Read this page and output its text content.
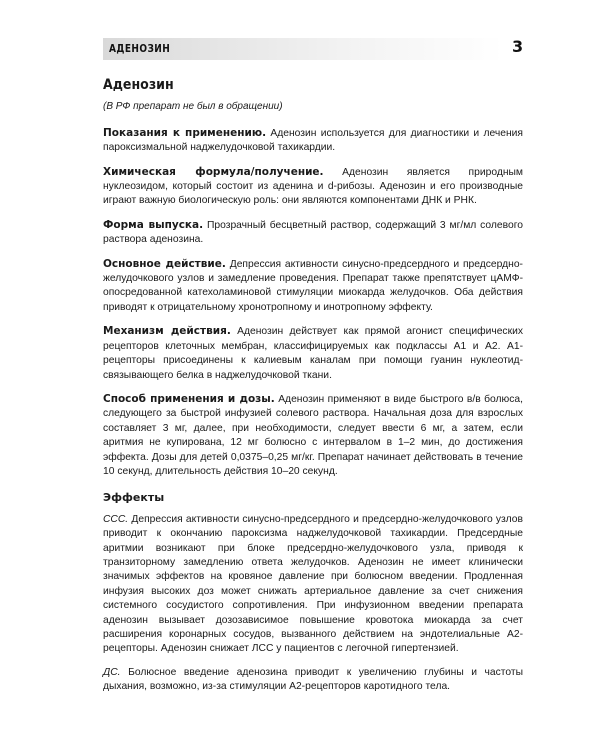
АДЕНОЗИН	3
Аденозин
(В РФ препарат не был в обращении)

Показания к применению. Аденозин используется для диагностики и лечения пароксизмальной наджелудочковой тахикардии.

Химическая формула/получение. Аденозин является природным нуклеозидом, который состоит из аденина и d-рибозы. Аденозин и его производные играют важную биологическую роль: они являются компонентами ДНК и РНК.

Форма выпуска. Прозрачный бесцветный раствор, содержащий 3 мг/мл солевого раствора аденозина.

Основное действие. Депрессия активности синусно-предсердного и предсердно-желудочкового узлов и замедление проведения. Препарат также препятствует цАМФ-опосредованной катехоламиновой стимуляции миокарда желудочков. Оба действия приводят к отрицательному хронотропному и инотропному эффекту.

Механизм действия. Аденозин действует как прямой агонист специфических рецепторов клеточных мембран, классифицируемых как подклассы А1 и А2. А1-рецепторы присоединены к калиевым каналам при помощи гуанин нуклеотид-связывающего белка в наджелудочковой ткани.

Способ применения и дозы. Аденозин применяют в виде быстрого в/в болюса, следующего за быстрой инфузией солевого раствора. Начальная доза для взрослых составляет 3 мг, далее, при необходимости, следует ввести 6 мг, а затем, если аритмия не купирована, 12 мг болюсно с интервалом в 1–2 мин, до достижения эффекта. Дозы для детей 0,0375–0,25 мг/кг. Препарат начинает действовать в течение 10 секунд, длительность действия 10–20 секунд.

Эффекты

ССС. Депрессия активности синусно-предсердного и предсердно-желудочкового узлов приводит к окончанию пароксизма наджелудочковой тахикардии. Предсердные аритмии возникают при блоке предсердно-желудочкового узла, приводя к транзиторному замедлению ответа желудочков. Аденозин не имеет клинически значимых эффектов на кровяное давление при болюсном введении. Продленная инфузия высоких доз может снижать артериальное давление за счет снижения системного сосудистого сопротивления. При инфузионном введении препарата аденозин вызывает дозозависимое повышение кровотока миокарда за счет расширения коронарных сосудов, вызванного действием на эндотелиальные А2-рецепторы. Аденозин снижает ЛСС у пациентов с легочной гипертензией.

ДС. Болюсное введение аденозина приводит к увеличению глубины и частоты дыхания, возможно, из-за стимуляции А2-рецепторов каротидного тела.
